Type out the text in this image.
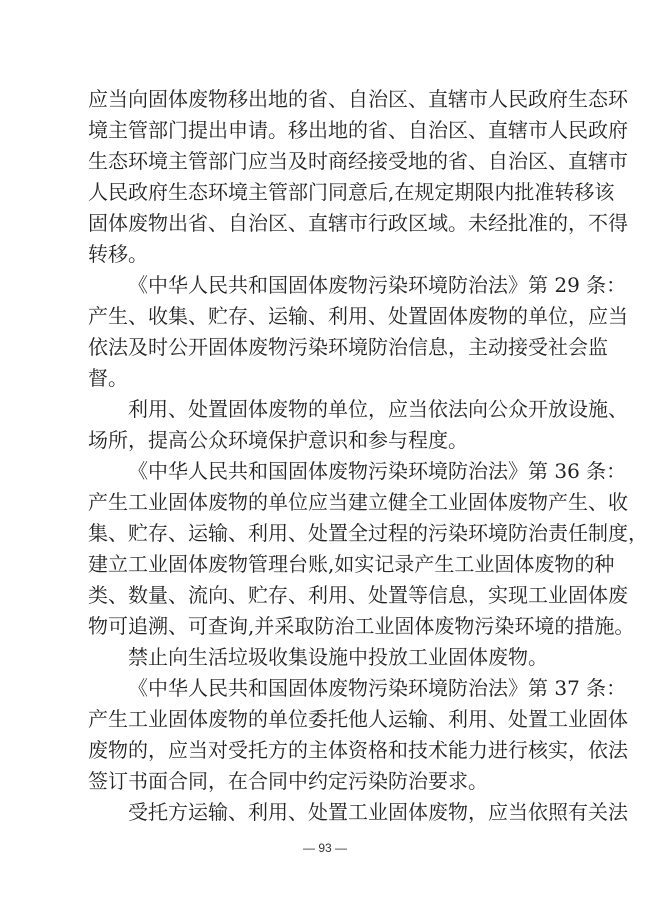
应当向固体废物移出地的省、自治区、直辖市人民政府生态环
境主管部门提出申请。移出地的省、自治区、直辖市人民政府
生态环境主管部门应当及时商经接受地的省、自治区、直辖市
人民政府生态环境主管部门同意后,在规定期限内批准转移该
固体废物出省、自治区、直辖市行政区域。未经批准的，不得
转移。
《中华人民共和国固体废物污染环境防治法》第 29 条：
产生、收集、贮存、运输、利用、处置固体废物的单位，应当
依法及时公开固体废物污染环境防治信息，主动接受社会监
督。
利用、处置固体废物的单位，应当依法向公众开放设施、
场所，提高公众环境保护意识和参与程度。
《中华人民共和国固体废物污染环境防治法》第 36 条：
产生工业固体废物的单位应当建立健全工业固体废物产生、收
集、贮存、运输、利用、处置全过程的污染环境防治责任制度，
建立工业固体废物管理台账,如实记录产生工业固体废物的种
类、数量、流向、贮存、利用、处置等信息，实现工业固体废
物可追溯、可查询,并采取防治工业固体废物污染环境的措施。
禁止向生活垃圾收集设施中投放工业固体废物。
《中华人民共和国固体废物污染环境防治法》第 37 条：
产生工业固体废物的单位委托他人运输、利用、处置工业固体
废物的，应当对受托方的主体资格和技术能力进行核实，依法
签订书面合同，在合同中约定污染防治要求。
受托方运输、利用、处置工业固体废物，应当依照有关法
— 93 —
